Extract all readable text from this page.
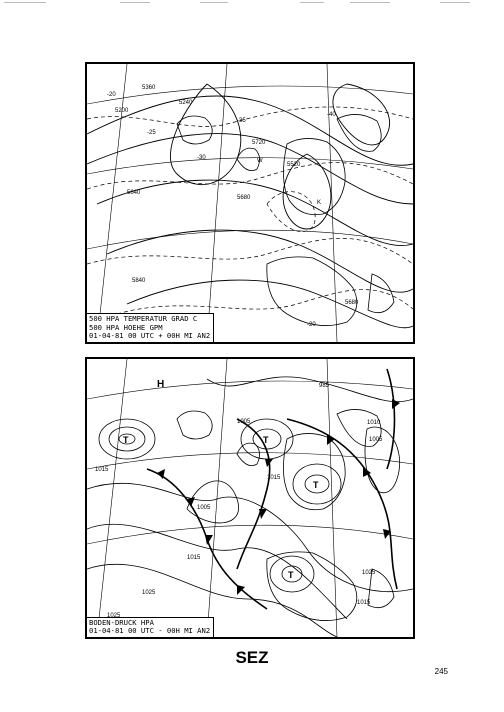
-20
-25
-30
5200
5240
5360
5520
5640
5680
5720
5840
-35
-40
W
K
-20
5680
500 HPA TEMPERATUR GRAD C
500 HPA HOEHE GPM
01-04-81 00 UTC + 00H MI AN2
1005
1005
1015
1015
1015
1025
1015
1025
1010
985
1005
H
T	T
T
T
BODEN-DRUCK HPA
01-04-81 00 UTC - 00H MI AN2
SEZ
245
